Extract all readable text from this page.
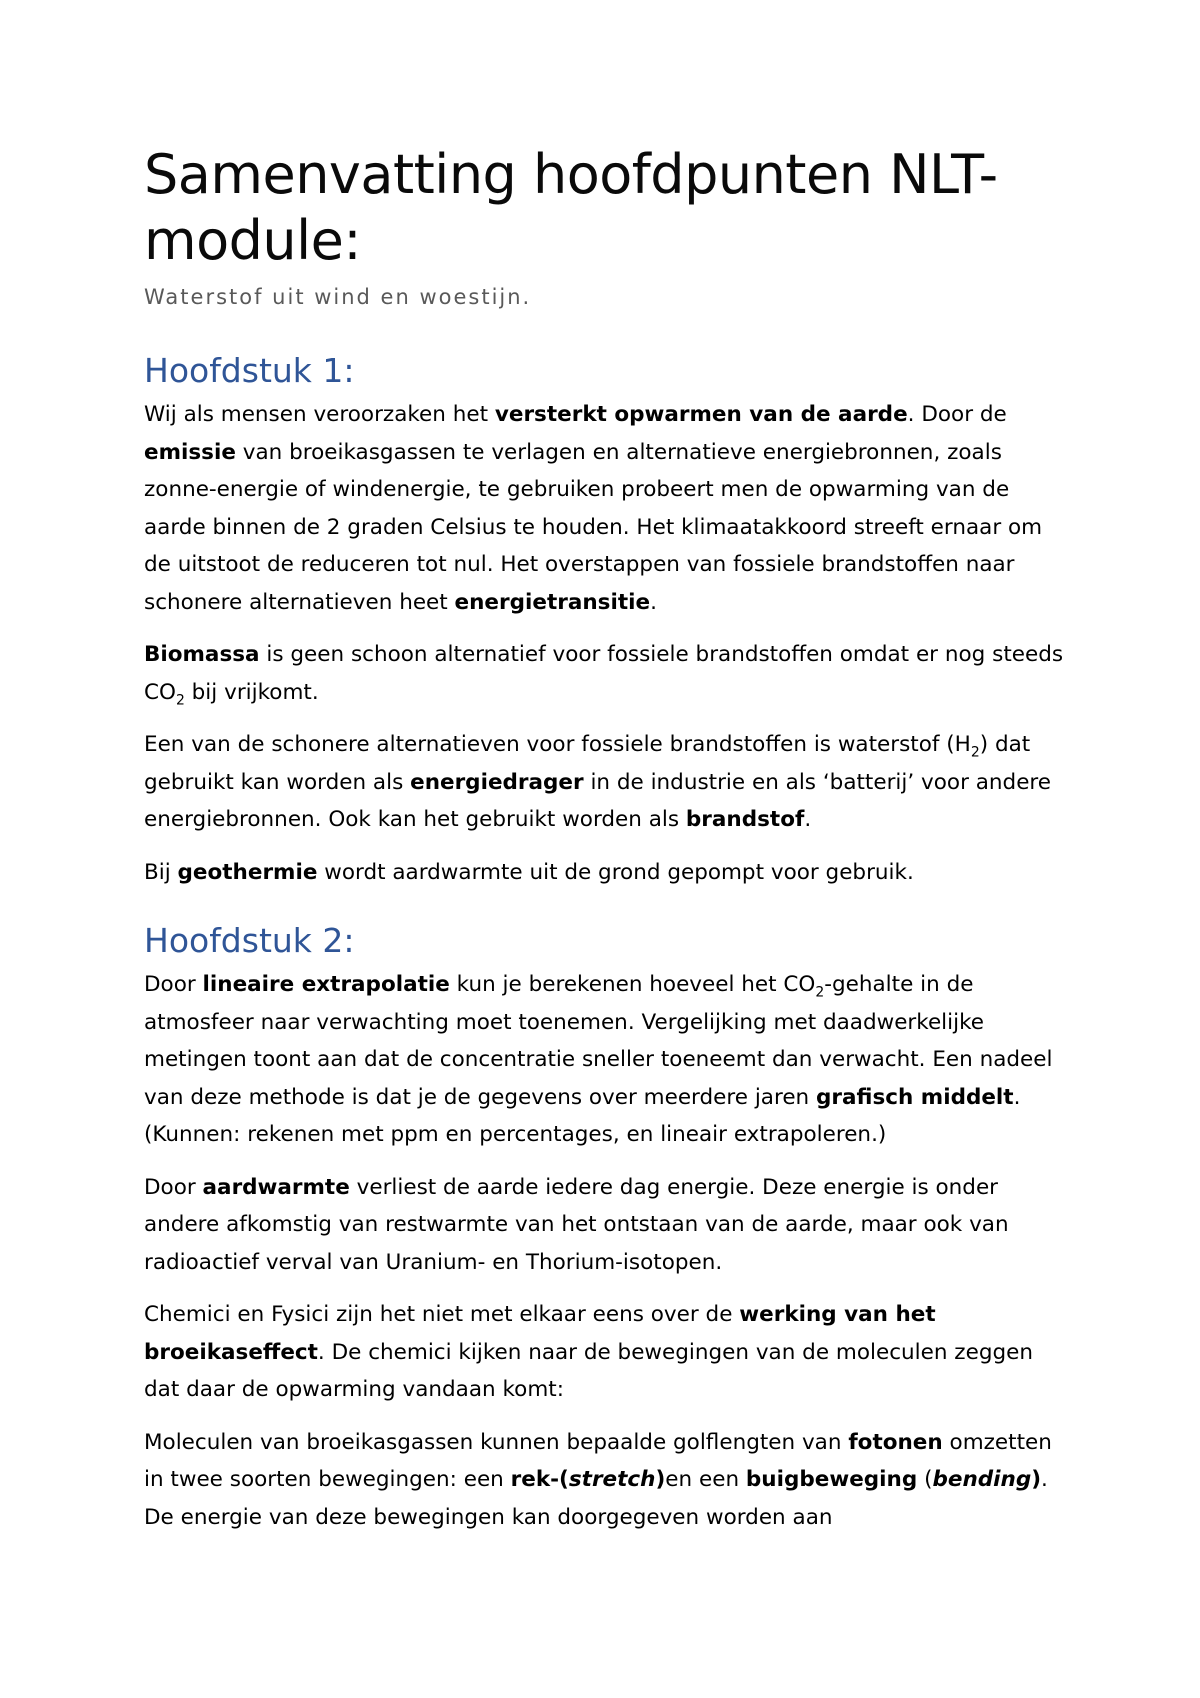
Samenvatting hoofdpunten NLT-module:
Waterstof uit wind en woestijn.
Hoofdstuk 1:

Wij als mensen veroorzaken het versterkt opwarmen van de aarde. Door de emissie van broeikasgassen te verlagen en alternatieve energiebronnen, zoals zonne-energie of windenergie, te gebruiken probeert men de opwarming van de aarde binnen de 2 graden Celsius te houden. Het klimaatakkoord streeft ernaar om de uitstoot de reduceren tot nul. Het overstappen van fossiele brandstoffen naar schonere alternatieven heet energietransitie.

Biomassa is geen schoon alternatief voor fossiele brandstoffen omdat er nog steeds $CO_2$ bij vrijkomt.

Een van de schonere alternatieven voor fossiele brandstoffen is waterstof $(H_2)$ dat gebruikt kan worden als energiedrager in de industrie en als ‘batterij’ voor andere energiebronnen. Ook kan het gebruikt worden als brandstof.

Bij geothermie wordt aardwarmte uit de grond gepompt voor gebruik.

Hoofdstuk 2:

Door lineaire extrapolatie kun je berekenen hoeveel het $CO_2$-gehalte in de atmosfeer naar verwachting moet toenemen. Vergelijking met daadwerkelijke metingen toont aan dat de concentratie sneller toeneemt dan verwacht. Een nadeel van deze methode is dat je de gegevens over meerdere jaren grafisch middelt. (Kunnen: rekenen met ppm en percentages, en lineair extrapoleren.)

Door aardwarmte verliest de aarde iedere dag energie. Deze energie is onder andere afkomstig van restwarmte van het ontstaan van de aarde, maar ook van radioactief verval van Uranium- en Thorium-isotopen.

Chemici en Fysici zijn het niet met elkaar eens over de werking van het broeikaseffect. De chemici kijken naar de bewegingen van de moleculen zeggen dat daar de opwarming vandaan komt:

Moleculen van broeikasgassen kunnen bepaalde golflengten van fotonen omzetten in twee soorten bewegingen: een rek-(stretch)en een buigbeweging (bending). De energie van deze bewegingen kan doorgegeven worden aan
